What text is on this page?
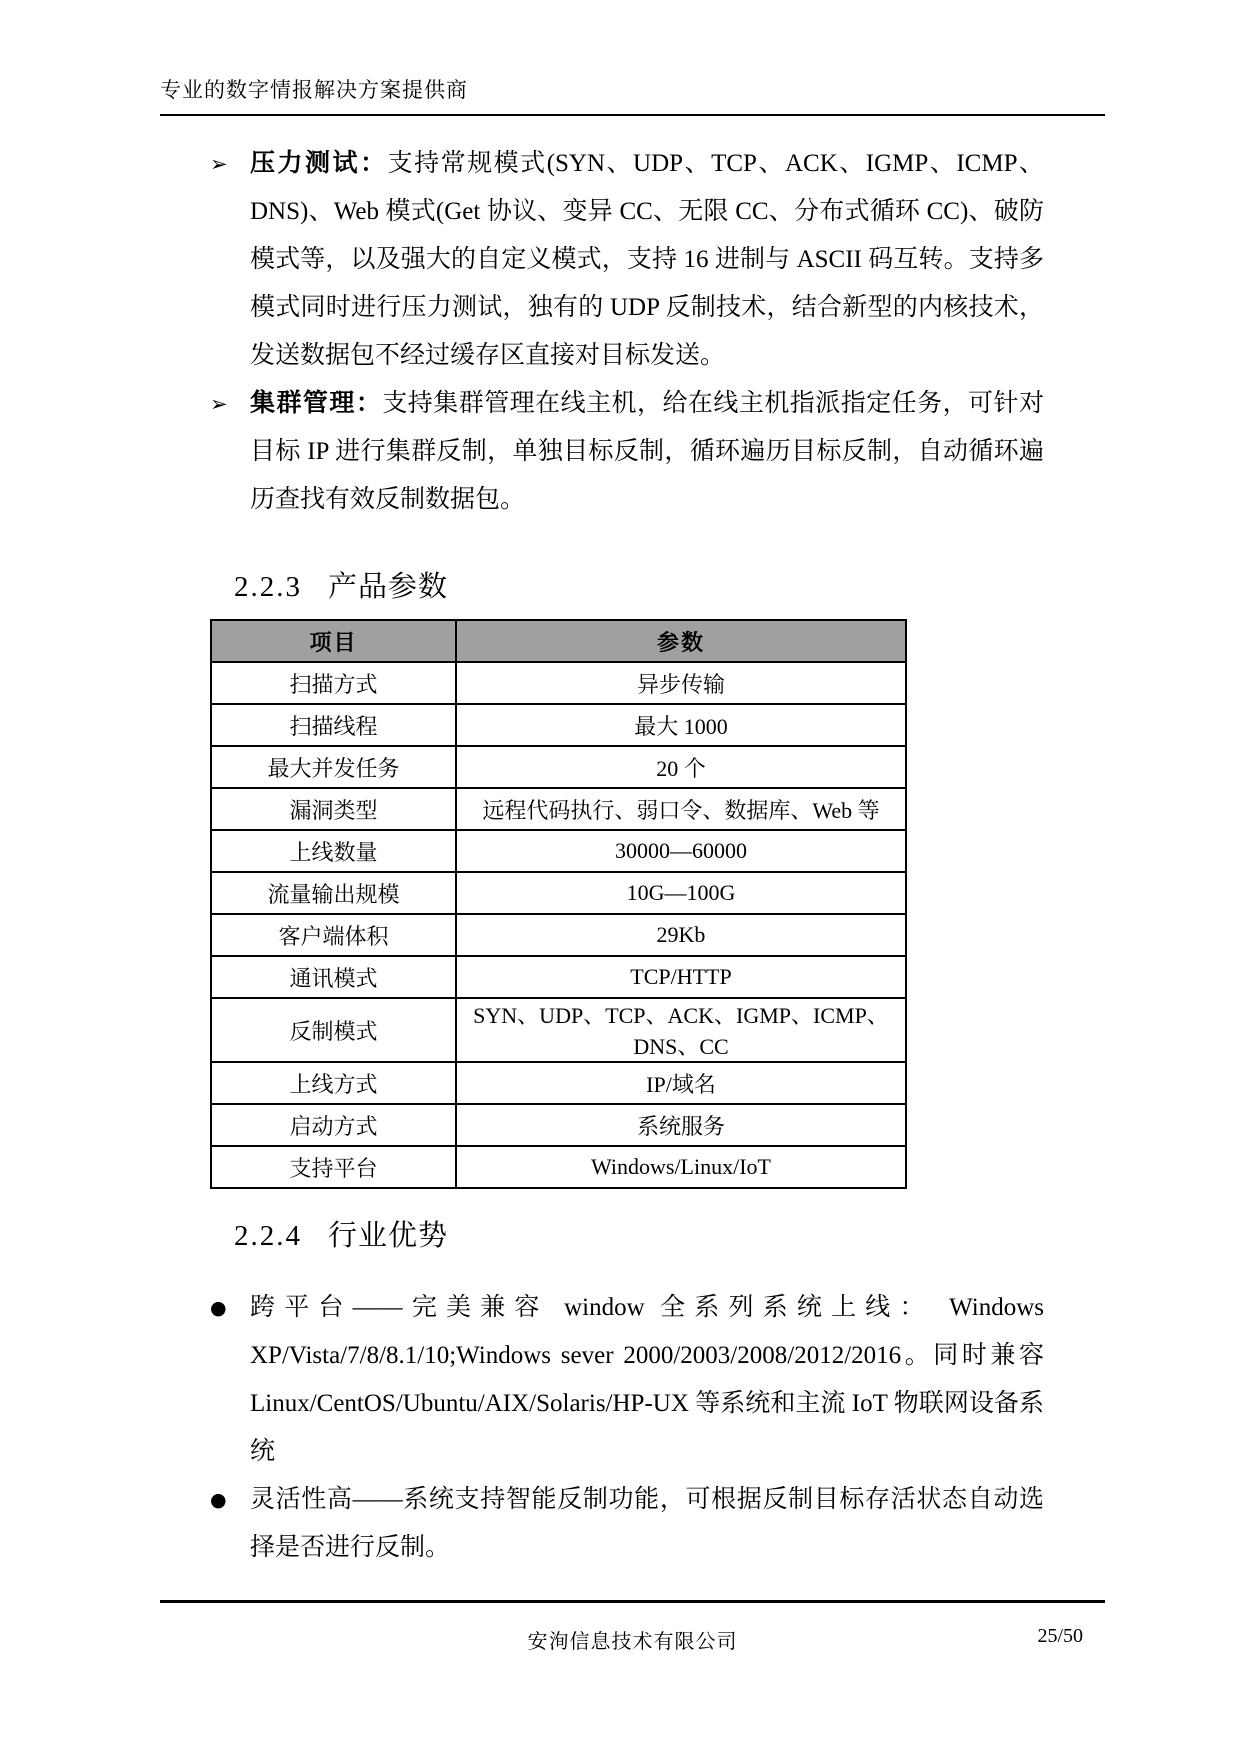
专业的数字情报解决方案提供商
➢ 压力测试：支持常规模式(SYN、UDP、TCP、ACK、IGMP、ICMP、DNS)、Web 模式(Get 协议、变异 CC、无限 CC、分布式循环 CC)、破防模式等，以及强大的自定义模式，支持 16 进制与 ASCII 码互转。支持多模式同时进行压力测试，独有的 UDP 反制技术，结合新型的内核技术，发送数据包不经过缓存区直接对目标发送。
➢ 集群管理：支持集群管理在线主机，给在线主机指派指定任务，可针对目标 IP 进行集群反制，单独目标反制，循环遍历目标反制，自动循环遍历查找有效反制数据包。
2.2.3 产品参数
项目	参数
扫描方式	异步传输
扫描线程	最大 1000
最大并发任务	20 个
漏洞类型	远程代码执行、弱口令、数据库、Web 等
上线数量	30000—60000
流量输出规模	10G—100G
客户端体积	29Kb
通讯模式	TCP/HTTP
反制模式	SYN、UDP、TCP、ACK、IGMP、ICMP、DNS、CC
上线方式	IP/域名
启动方式	系统服务
支持平台	Windows/Linux/IoT
2.2.4 行业优势
● 跨平台——完美兼容 window 全系列系统上线： Windows XP/Vista/7/8/8.1/10;Windows sever 2000/2003/2008/2012/2016。同时兼容 Linux/CentOS/Ubuntu/AIX/Solaris/HP-UX 等系统和主流 IoT 物联网设备系统
● 灵活性高——系统支持智能反制功能，可根据反制目标存活状态自动选择是否进行反制。
安洵信息技术有限公司	25/50
